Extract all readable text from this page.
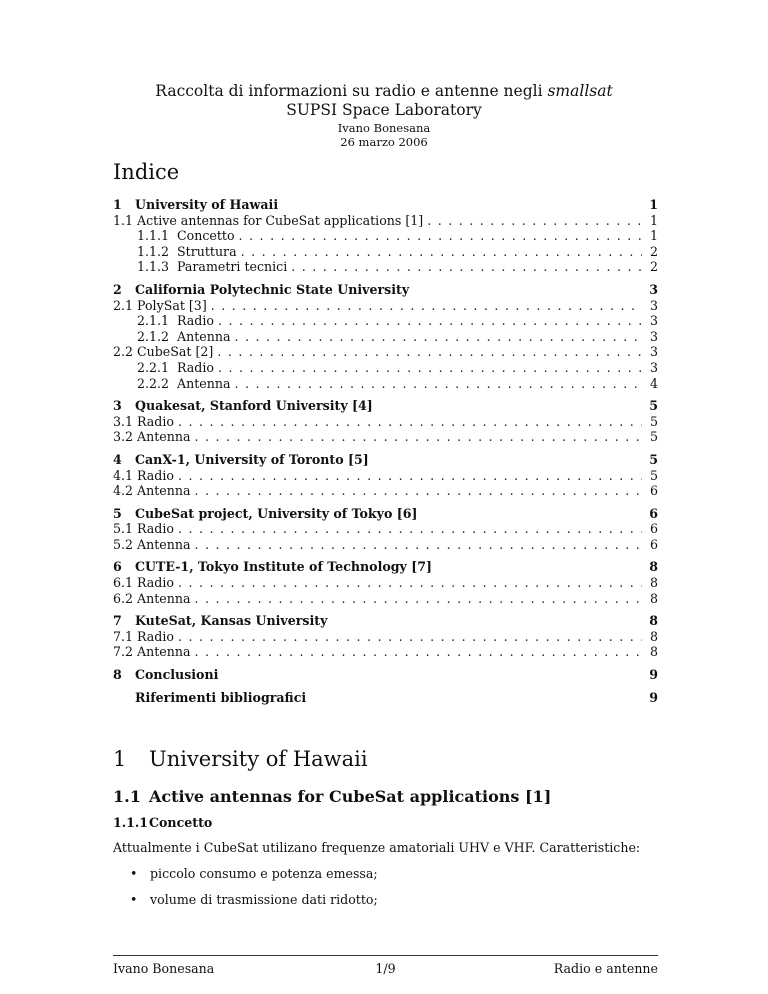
Raccolta di informazioni su radio e antenne negli smallsat
SUPSI Space Laboratory
Ivano Bonesana
26 marzo 2006
Indice
1	University of Hawaii	1
1.1 Active antennas for CubeSat applications [1] . . .	1
1.1.1 Concetto . . .	1
1.1.2 Struttura . . .	2
1.1.3 Parametri tecnici . . .	2
2	California Polytechnic State University	3
2.1 PolySat [3] . . .	3
2.1.1 Radio . . .	3
2.1.2 Antenna . . .	3
2.2 CubeSat [2] . . .	3
2.2.1 Radio . . .	3
2.2.2 Antenna . . .	4
3	Quakesat, Stanford University [4]	5
3.1 Radio . . .	5
3.2 Antenna . . .	5
4	CanX-1, University of Toronto [5]	5
4.1 Radio . . .	5
4.2 Antenna . . .	6
5	CubeSat project, University of Tokyo [6]	6
5.1 Radio . . .	6
5.2 Antenna . . .	6
6	CUTE-1, Tokyo Institute of Technology [7]	8
6.1 Radio . . .	8
6.2 Antenna . . .	8
7	KuteSat, Kansas University	8
7.1 Radio . . .	8
7.2 Antenna . . .	8
8	Conclusioni	9
Riferimenti bibliografici	9
1 University of Hawaii
1.1 Active antennas for CubeSat applications [1]
1.1.1Concetto
Attualmente i CubeSat utilizano frequenze amatoriali UHV e VHF. Caratteristiche:
• piccolo consumo e potenza emessa;
• volume di trasmissione dati ridotto;
Ivano Bonesana	1/9	Radio e antenne
